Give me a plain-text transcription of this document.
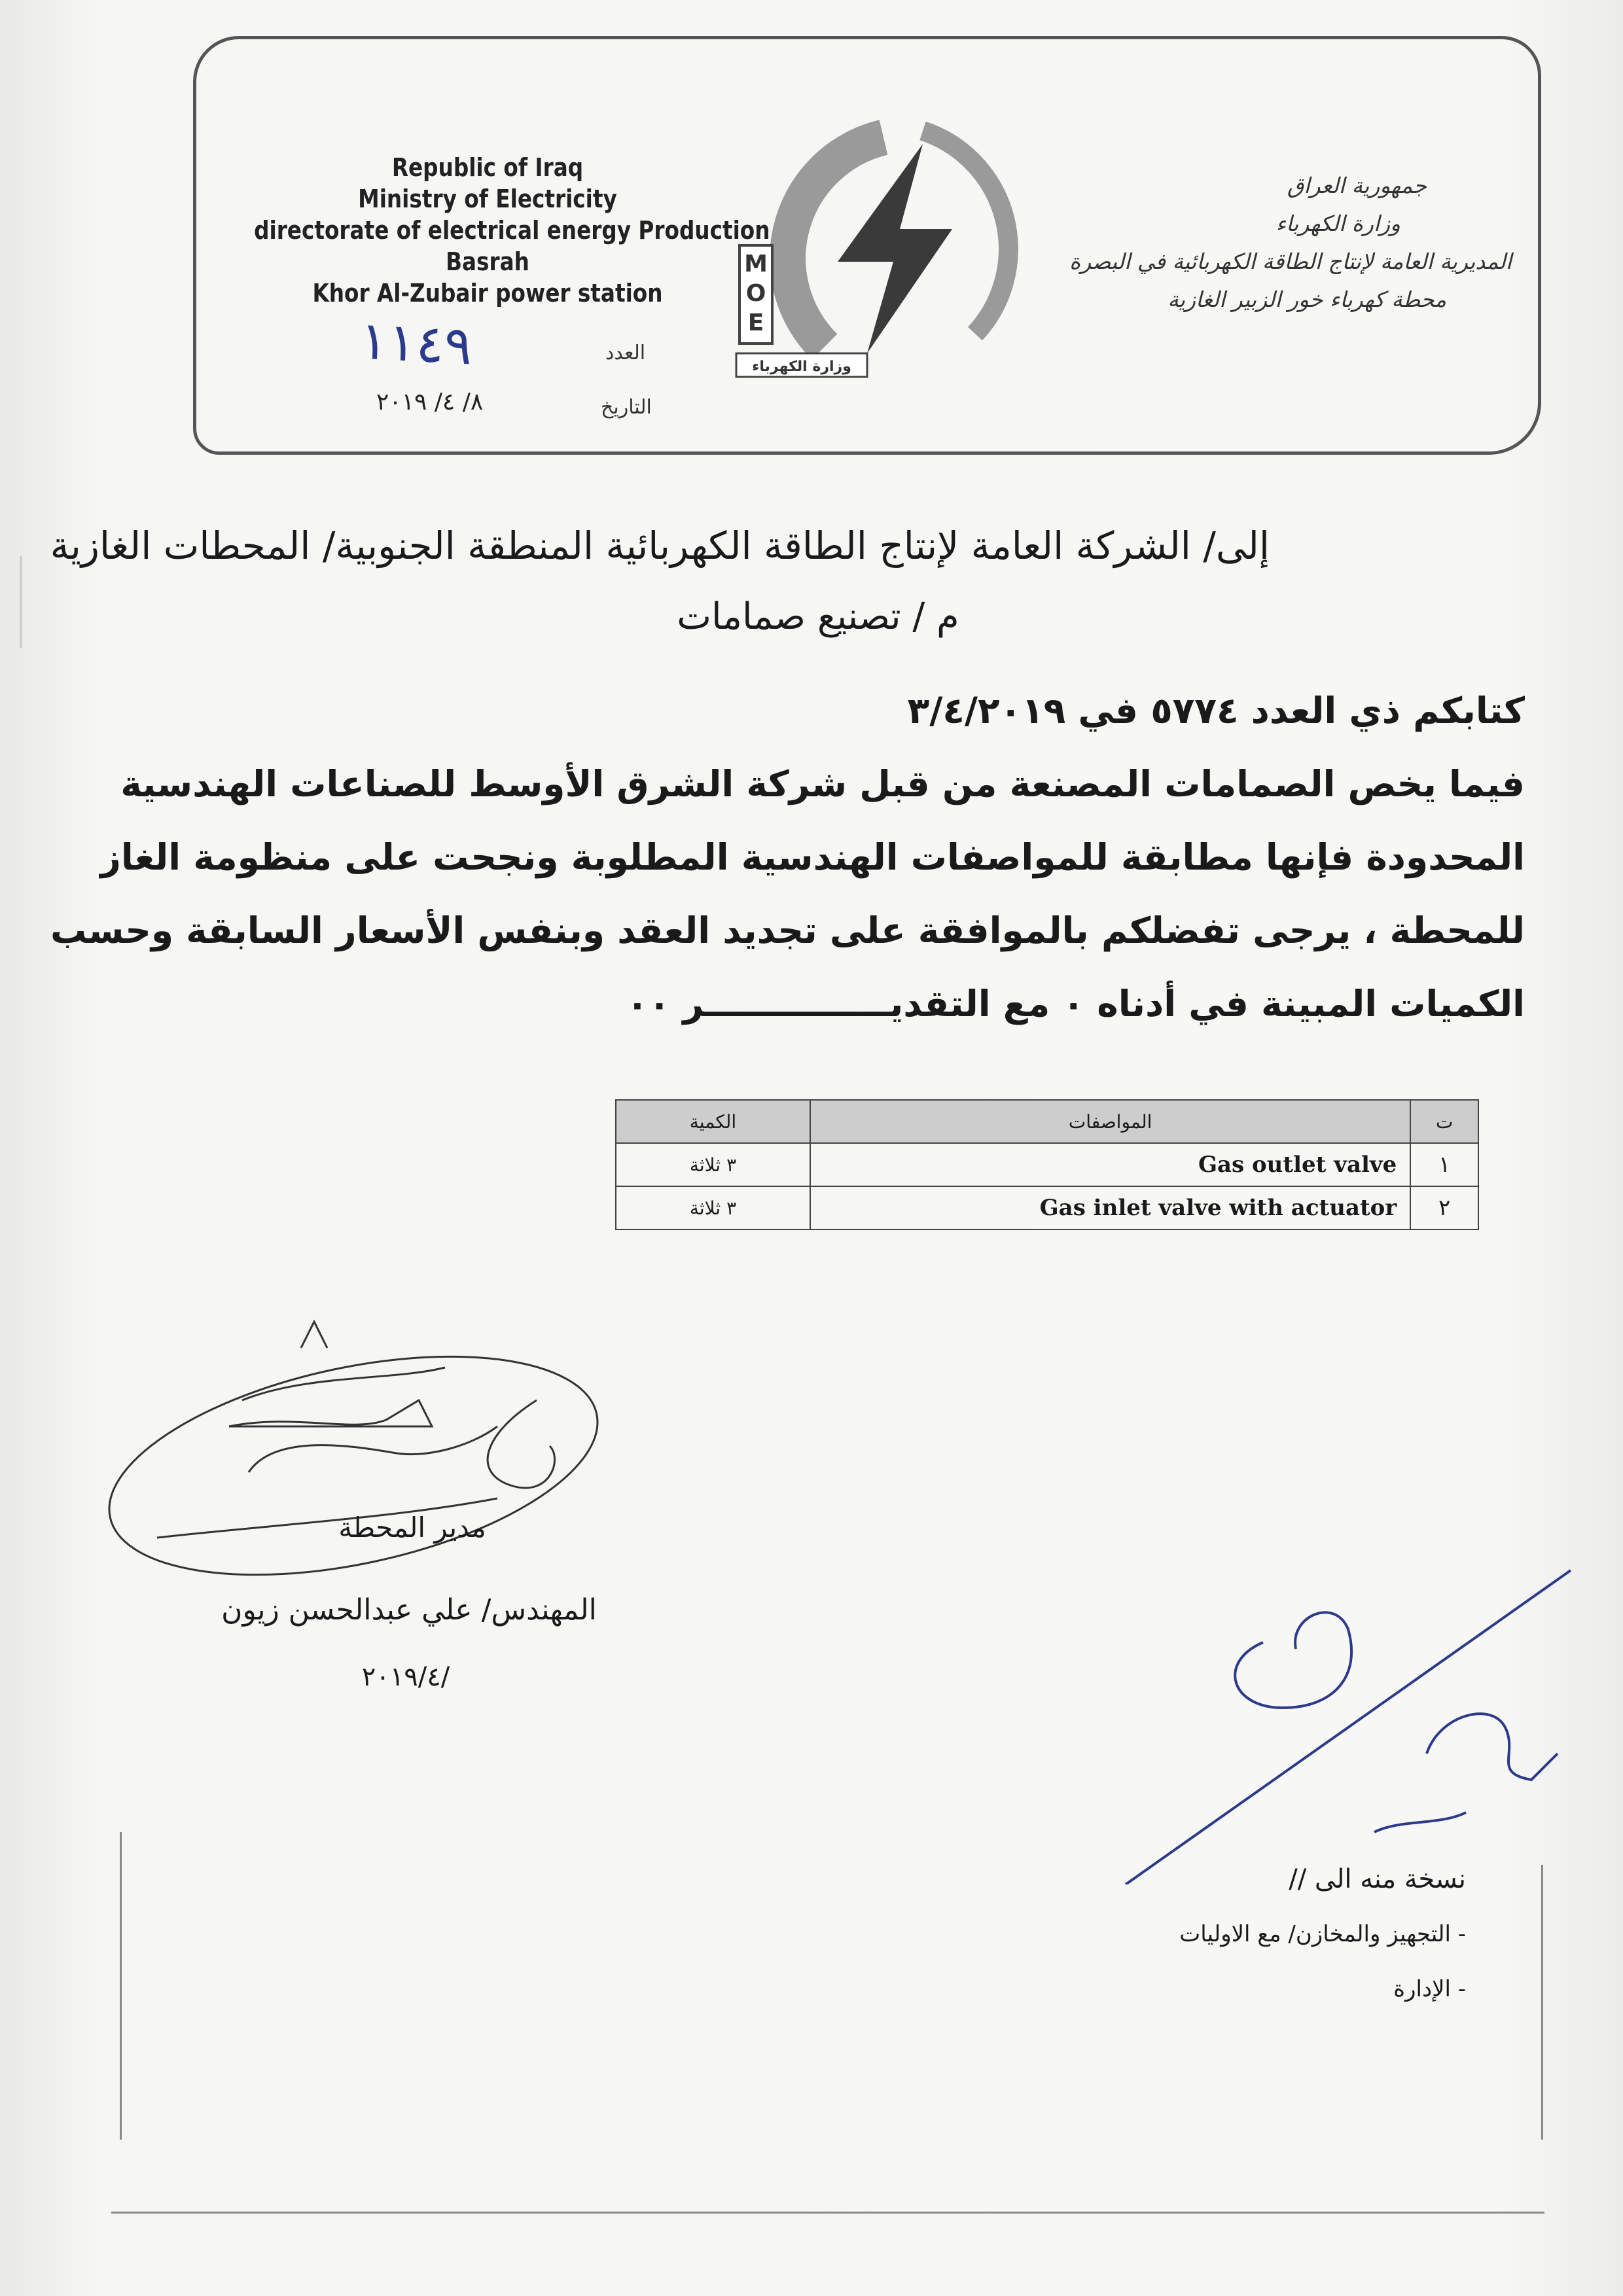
Republic of Iraq
Ministry of Electricity
directorate of electrical energy Production
Basrah
Khor Al-Zubair power station
جمهورية العراق
وزارة الكهرباء
المديرية العامة لإنتاج الطاقة الكهربائية في البصرة
محطة كهرباء خور الزبير الغازية
M
O
E
وزارة الكهرباء
العدد
١١٤٩
التاريخ
٨/ ٤/ ٢٠١٩
إلى/ الشركة العامة لإنتاج الطاقة الكهربائية المنطقة الجنوبية/ المحطات الغازية
م / تصنيع صمامات
كتابكم ذي العدد ٥٧٧٤ في ٣/٤/٢٠١٩
فيما يخص الصمامات المصنعة من قبل شركة الشرق الأوسط للصناعات الهندسية
المحدودة فإنها مطابقة للمواصفات الهندسية المطلوبة ونجحت على منظومة الغاز
للمحطة ، يرجى تفضلكم بالموافقة على تجديد العقد وبنفس الأسعار السابقة وحسب
الكميات المبينة في أدناه ٠ مع التقديـــــــــــــــر ٠٠
ت	المواصفات	الكمية
١	Gas outlet valve	٣ ثلاثة
٢	Gas inlet valve with actuator	٣ ثلاثة
مدير المحطة
المهندس/ علي عبدالحسن زيون
/٢٠١٩/٤
نسخة منه الى //
- التجهيز والمخازن/ مع الاوليات
- الإدارة
